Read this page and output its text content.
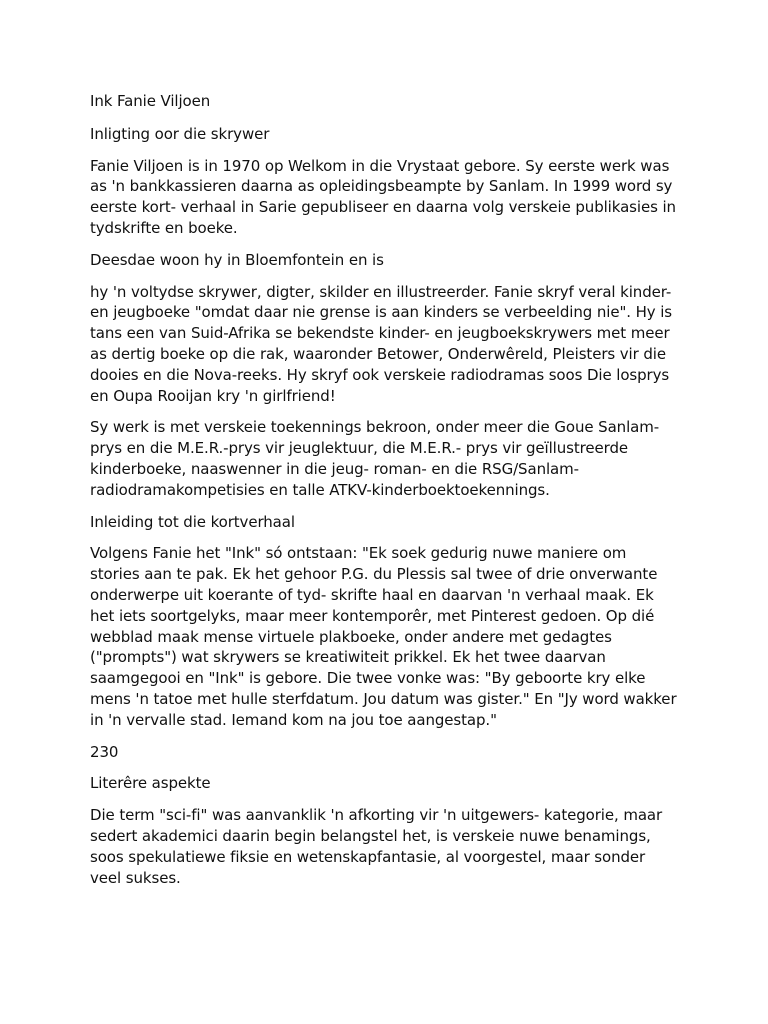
Ink Fanie Viljoen

Inligting oor die skrywer

Fanie Viljoen is in 1970 op Welkom in die Vrystaat gebore. Sy eerste werk was as 'n bankkassieren daarna as opleidingsbeampte by Sanlam. In 1999 word sy eerste kort- verhaal in Sarie gepubliseer en daarna volg verskeie publikasies in tydskrifte en boeke.

Deesdae woon hy in Bloemfontein en is

hy 'n voltydse skrywer, digter, skilder en illustreerder. Fanie skryf veral kinder- en jeugboeke "omdat daar nie grense is aan kinders se verbeelding nie". Hy is tans een van Suid-Afrika se bekendste kinder- en jeugboekskrywers met meer as dertig boeke op die rak, waaronder Betower, Onderwêreld, Pleisters vir die dooies en die Nova-reeks. Hy skryf ook verskeie radiodramas soos Die losprys en Oupa Rooijan kry 'n girlfriend!

Sy werk is met verskeie toekennings bekroon, onder meer die Goue Sanlam-prys en die M.E.R.-prys vir jeuglektuur, die M.E.R.- prys vir geïllustreerde kinderboeke, naaswenner in die jeug- roman- en die RSG/Sanlam-radiodramakompetisies en talle ATKV-kinderboektoekennings.

Inleiding tot die kortverhaal

Volgens Fanie het "Ink" só ontstaan: "Ek soek gedurig nuwe maniere om stories aan te pak. Ek het gehoor P.G. du Plessis sal twee of drie onverwante onderwerpe uit koerante of tyd- skrifte haal en daarvan 'n verhaal maak. Ek het iets soortgelyks, maar meer kontemporêr, met Pinterest gedoen. Op dié webblad maak mense virtuele plakboeke, onder andere met gedagtes ("prompts") wat skrywers se kreatiwiteit prikkel. Ek het twee daarvan saamgegooi en "Ink" is gebore. Die twee vonke was: "By geboorte kry elke mens 'n tatoe met hulle sterfdatum. Jou datum was gister." En "Jy word wakker in 'n vervalle stad. Iemand kom na jou toe aangestap."

230

Literêre aspekte

Die term "sci-fi" was aanvanklik 'n afkorting vir 'n uitgewers- kategorie, maar sedert akademici daarin begin belangstel het, is verskeie nuwe benamings, soos spekulatiewe fiksie en wetenskapfantasie, al voorgestel, maar sonder veel sukses.
